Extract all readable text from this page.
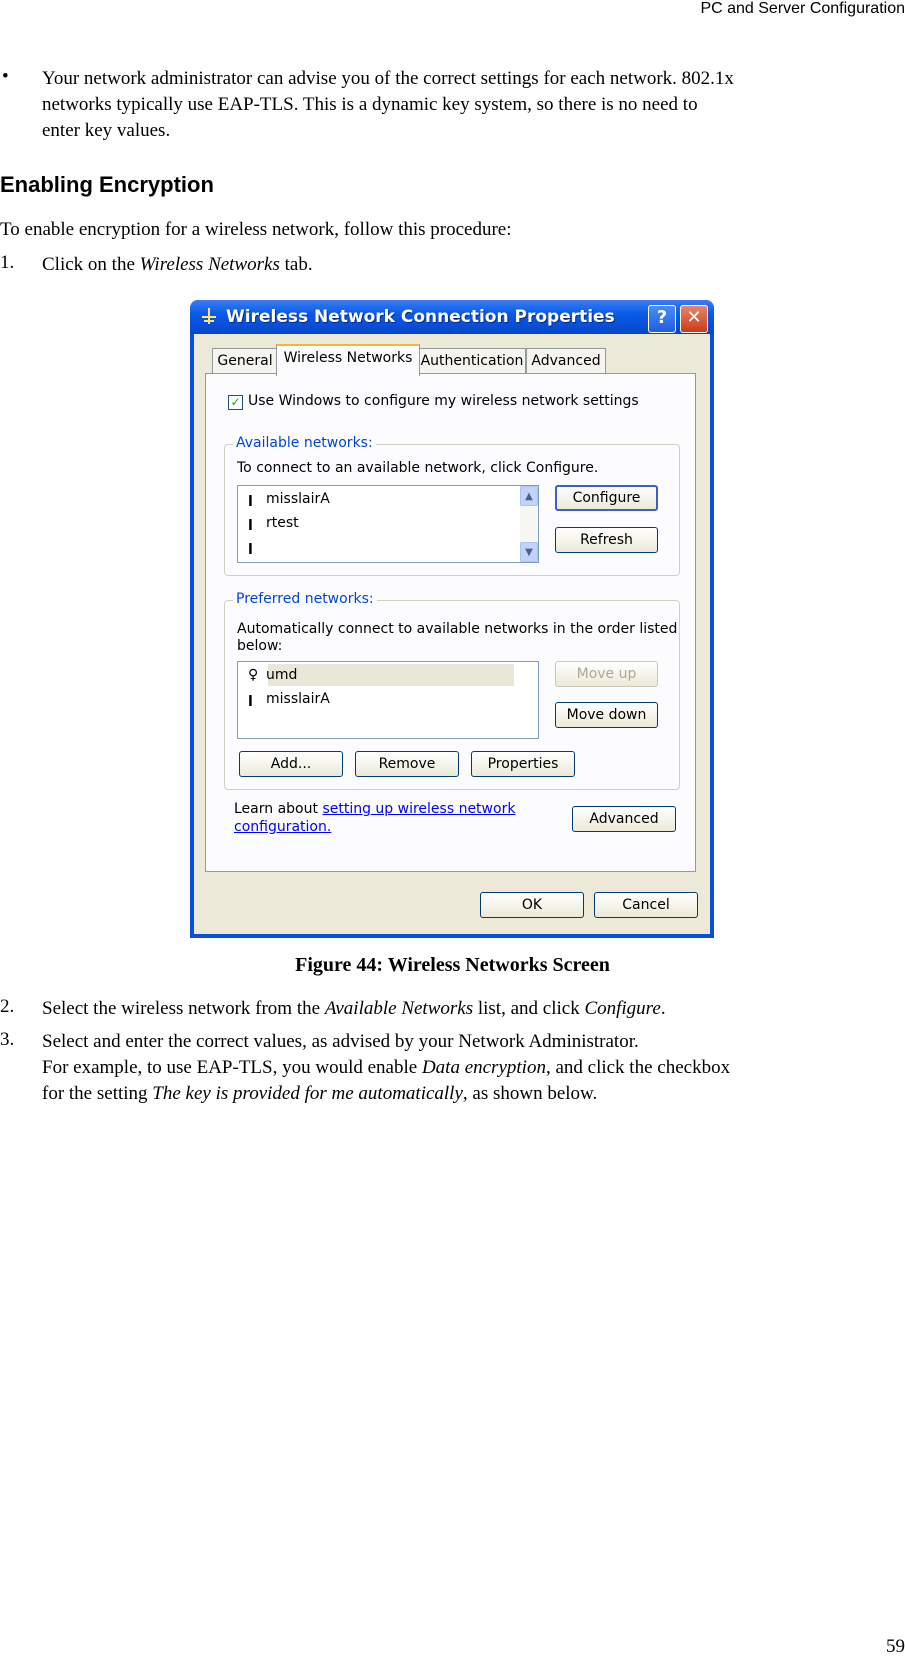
PC and Server Configuration
• Your network administrator can advise you of the correct settings for each network. 802.1x
networks typically use EAP-TLS. This is a dynamic key system, so there is no need to
enter key values.
Enabling Encryption
To enable encryption for a wireless network, follow this procedure:
1. Click on the Wireless Networks tab.
Wireless Network Connection Properties	?	✕
General Wireless Networks Authentication Advanced
✓ Use Windows to configure my wireless network settings
Available networks:
To connect to an available network, click Configure.
ꞁ misslairA
ꞁ rtest
ꞁ
▲
▼
Configure
Refresh
Preferred networks:
Automatically connect to available networks in the order listed
below:
♀ umd
ꞁ misslairA
Move up
Move down
Add...	Remove	Properties
Learn about setting up wireless network
configuration.	Advanced
OK	Cancel
Figure 44: Wireless Networks Screen
2. Select the wireless network from the Available Networks list, and click Configure.
3. Select and enter the correct values, as advised by your Network Administrator.
For example, to use EAP-TLS, you would enable Data encryption, and click the checkbox
for the setting The key is provided for me automatically, as shown below.
59
